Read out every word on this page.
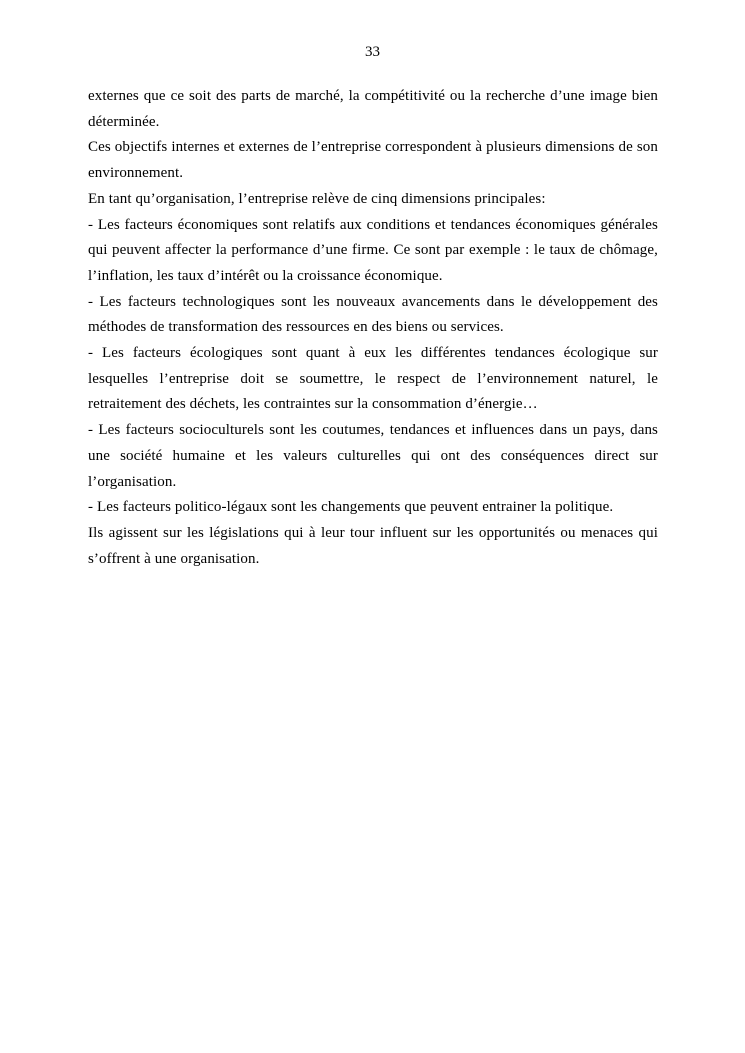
33

externes que ce soit des parts de marché, la compétitivité ou la recherche d’une image bien déterminée.

Ces objectifs internes et externes de l’entreprise correspondent à plusieurs dimensions de son environnement.

En tant qu’organisation, l’entreprise relève de cinq dimensions principales:

- Les facteurs économiques sont relatifs aux conditions et tendances économiques générales qui peuvent affecter la performance d’une firme. Ce sont par exemple : le taux de chômage, l’inflation, les taux d’intérêt ou la croissance économique.

- Les facteurs technologiques sont les nouveaux avancements dans le développement des méthodes de transformation des ressources en des biens ou services.

- Les facteurs écologiques sont quant à eux les différentes tendances écologique sur lesquelles l’entreprise doit se soumettre, le respect de l’environnement naturel, le retraitement des déchets, les contraintes sur la consommation d’énergie…

- Les facteurs socioculturels sont les coutumes, tendances et influences dans un pays, dans une société humaine et les valeurs culturelles qui ont des conséquences direct sur l’organisation.

- Les facteurs politico-légaux sont les changements que peuvent entrainer la politique.

Ils agissent sur les législations qui à leur tour influent sur les opportunités ou menaces qui s’offrent à une organisation.
